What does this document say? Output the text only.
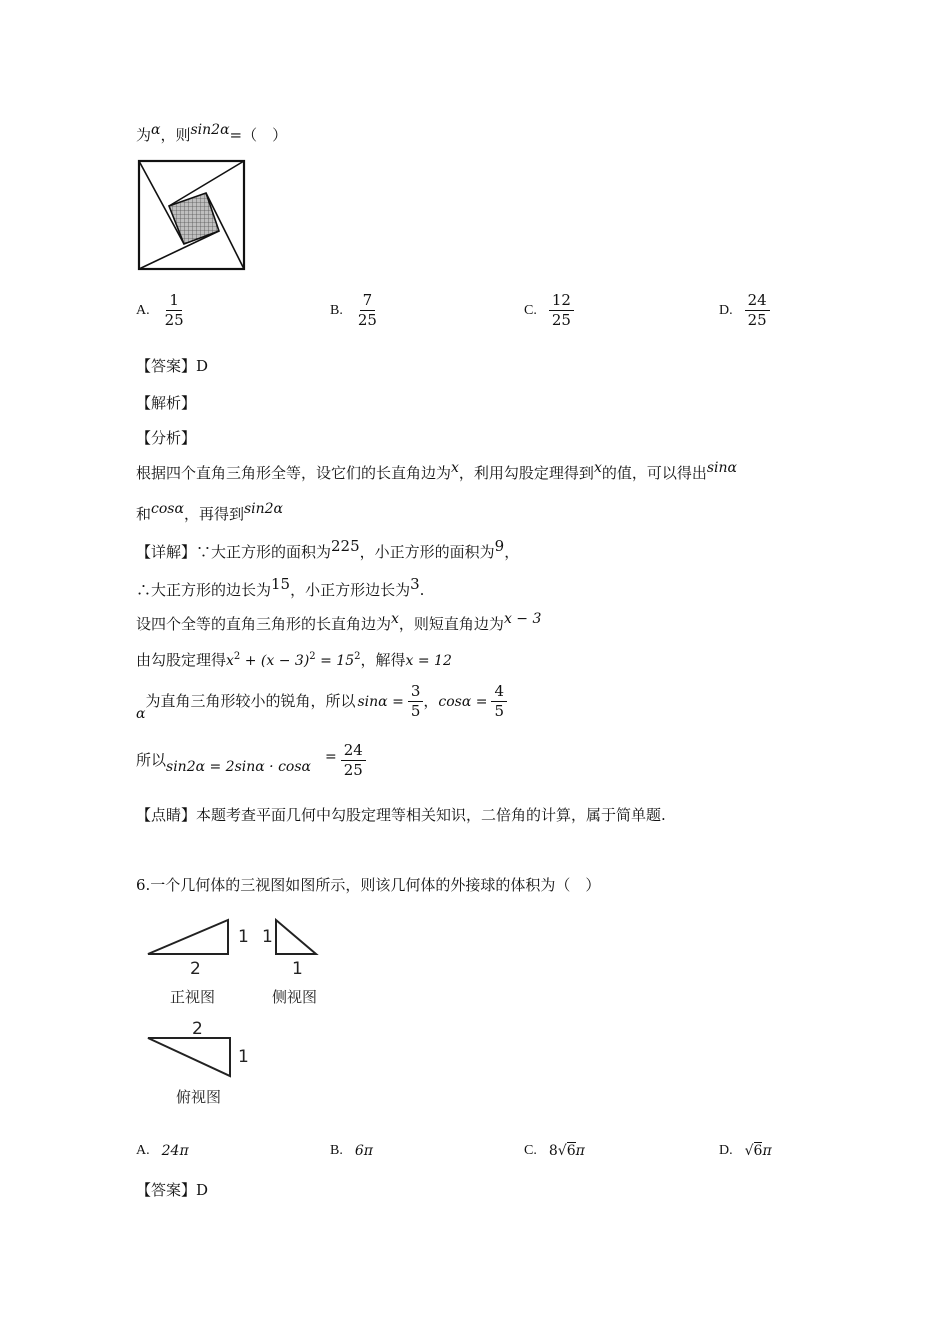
为α，则sin2α=（　）
A. $\frac{1}{25}$	B. $\frac{7}{25}$	C. $\frac{12}{25}$	D. $\frac{24}{25}$
【答案】D
【解析】
【分析】
根据四个直角三角形全等，设它们的长直角边为x，利用勾股定理得到x的值，可以得出sinα
和cosα，再得到sin2α
【详解】∵大正方形的面积为225，小正方形的面积为9，
∴大正方形的边长为15，小正方形边长为3.
设四个全等的直角三角形的长直角边为x，则短直角边为x − 3
由勾股定理得$x^2 + (x - 3)^2 = 15^2$，解得x = 12
α
为直角三角形较小的锐角，所以 $\sin\alpha = \frac{3}{5}$ ， $\cos\alpha = \frac{4}{5}$
所以 sin2α = 2sinα · cosα
= $\frac{24}{25}$
【点睛】本题考查平面几何中勾股定理等相关知识，二倍角的计算，属于简单题.
6.一个几何体的三视图如图所示，则该几何体的外接球的体积为（　）
1
2
正视图
1
1
侧视图
2
1
俯视图
A. 24π	B. 6π	C. 8√6π	D. √6π
【答案】D
